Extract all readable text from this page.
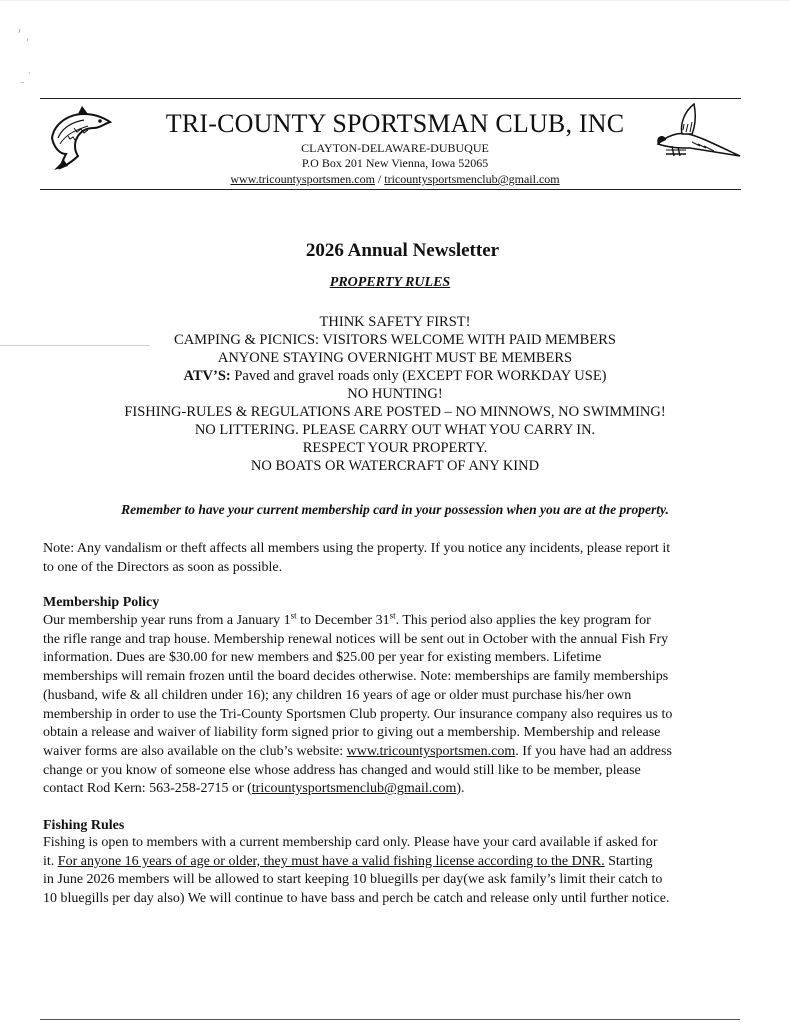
⁾
·
ˑ
⁻
TRI-COUNTY SPORTSMAN CLUB, INC
CLAYTON-DELAWARE-DUBUQUE
P.O Box 201 New Vienna, Iowa 52065
www.tricountysportsmen.com / tricountysportsmenclub@gmail.com
2026 Annual Newsletter
PROPERTY RULES
THINK SAFETY FIRST!
CAMPING & PICNICS: VISITORS WELCOME WITH PAID MEMBERS
ANYONE STAYING OVERNIGHT MUST BE MEMBERS
ATV’S: Paved and gravel roads only (EXCEPT FOR WORKDAY USE)
NO HUNTING!
FISHING-RULES & REGULATIONS ARE POSTED – NO MINNOWS, NO SWIMMING!
NO LITTERING. PLEASE CARRY OUT WHAT YOU CARRY IN.
RESPECT YOUR PROPERTY.
NO BOATS OR WATERCRAFT OF ANY KIND
Remember to have your current membership card in your possession when you are at the property.
Note: Any vandalism or theft affects all members using the property. If you notice any incidents, please report it
to one of the Directors as soon as possible.
Membership Policy
Our membership year runs from a January 1st to December 31st. This period also applies the key program for
the rifle range and trap house. Membership renewal notices will be sent out in October with the annual Fish Fry
information. Dues are $30.00 for new members and $25.00 per year for existing members. Lifetime
memberships will remain frozen until the board decides otherwise. Note: memberships are family memberships
(husband, wife & all children under 16); any children 16 years of age or older must purchase his/her own
membership in order to use the Tri-County Sportsmen Club property. Our insurance company also requires us to
obtain a release and waiver of liability form signed prior to giving out a membership. Membership and release
waiver forms are also available on the club’s website: www.tricountysportsmen.com. If you have had an address
change or you know of someone else whose address has changed and would still like to be member, please
contact Rod Kern: 563-258-2715 or (tricountysportsmenclub@gmail.com).
Fishing Rules
Fishing is open to members with a current membership card only. Please have your card available if asked for
it. For anyone 16 years of age or older, they must have a valid fishing license according to the DNR. Starting
in June 2026 members will be allowed to start keeping 10 bluegills per day(we ask family’s limit their catch to
10 bluegills per day also) We will continue to have bass and perch be catch and release only until further notice.
